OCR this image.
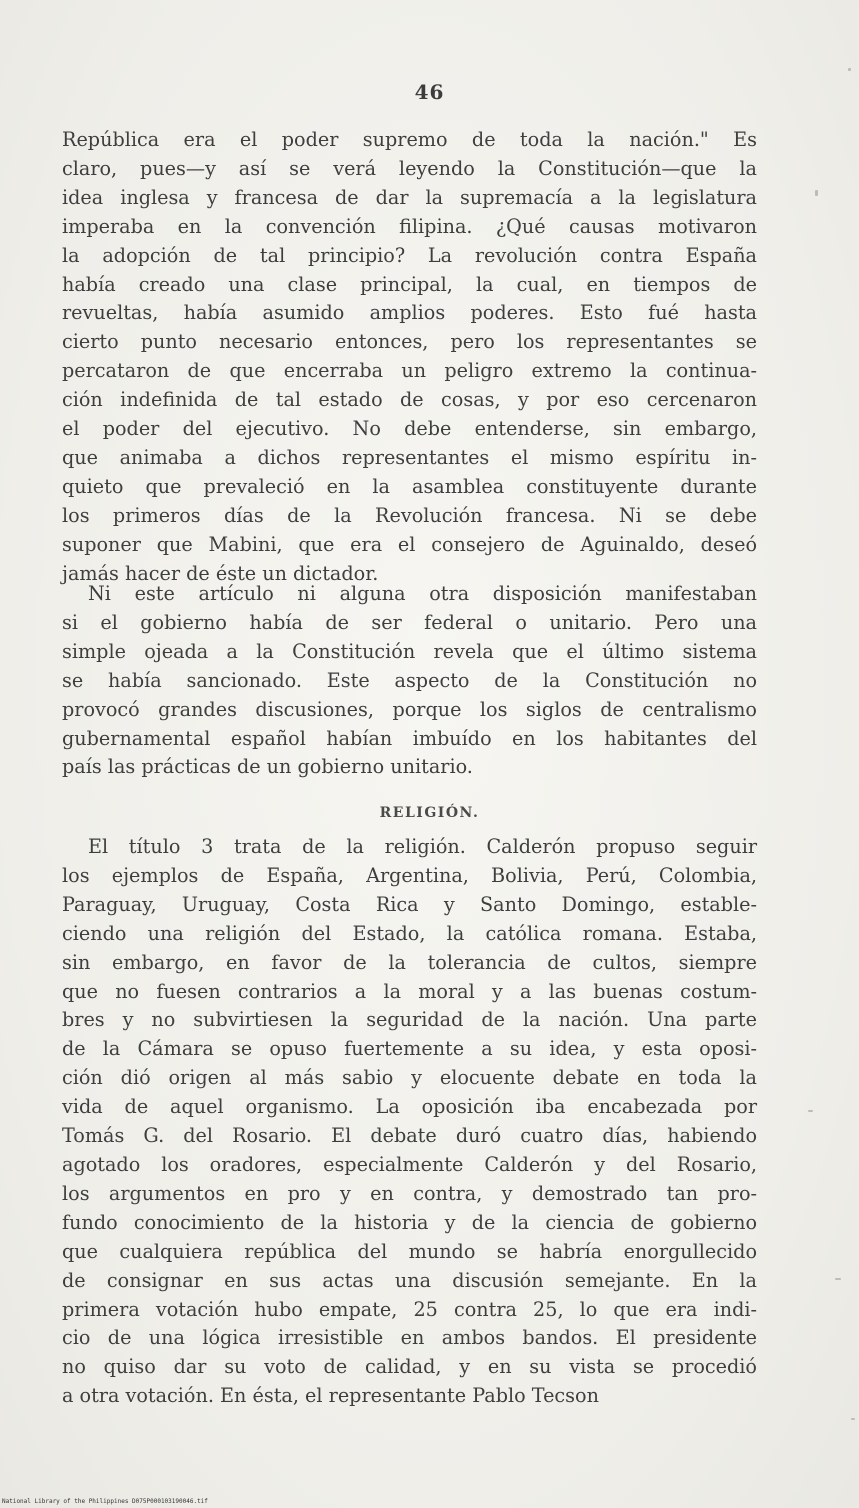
46

República era el poder supremo de toda la nación." Es
claro, pues—y así se verá leyendo la Constitución—que la
idea inglesa y francesa de dar la supremacía a la legislatura
imperaba en la convención filipina. ¿Qué causas motivaron
la adopción de tal principio? La revolución contra España
había creado una clase principal, la cual, en tiempos de
revueltas, había asumido amplios poderes. Esto fué hasta
cierto punto necesario entonces, pero los representantes se
percataron de que encerraba un peligro extremo la continua-
ción indefinida de tal estado de cosas, y por eso cercenaron
el poder del ejecutivo. No debe entenderse, sin embargo,
que animaba a dichos representantes el mismo espíritu in-
quieto que prevaleció en la asamblea constituyente durante
los primeros días de la Revolución francesa. Ni se debe
suponer que Mabini, que era el consejero de Aguinaldo, deseó
jamás hacer de éste un dictador.

Ni este artículo ni alguna otra disposición manifestaban
si el gobierno había de ser federal o unitario. Pero una
simple ojeada a la Constitución revela que el último sistema
se había sancionado. Este aspecto de la Constitución no
provocó grandes discusiones, porque los siglos de centralismo
gubernamental español habían imbuído en los habitantes del
país las prácticas de un gobierno unitario.

RELIGIÓN.

El título 3 trata de la religión. Calderón propuso seguir
los ejemplos de España, Argentina, Bolivia, Perú, Colombia,
Paraguay, Uruguay, Costa Rica y Santo Domingo, estable-
ciendo una religión del Estado, la católica romana. Estaba,
sin embargo, en favor de la tolerancia de cultos, siempre
que no fuesen contrarios a la moral y a las buenas costum-
bres y no subvirtiesen la seguridad de la nación. Una parte
de la Cámara se opuso fuertemente a su idea, y esta oposi-
ción dió origen al más sabio y elocuente debate en toda la
vida de aquel organismo. La oposición iba encabezada por
Tomás G. del Rosario. El debate duró cuatro días, habiendo
agotado los oradores, especialmente Calderón y del Rosario,
los argumentos en pro y en contra, y demostrado tan pro-
fundo conocimiento de la historia y de la ciencia de gobierno
que cualquiera república del mundo se habría enorgullecido
de consignar en sus actas una discusión semejante. En la
primera votación hubo empate, 25 contra 25, lo que era indi-
cio de una lógica irresistible en ambos bandos. El presidente
no quiso dar su voto de calidad, y en su vista se procedió
a otra votación. En ésta, el representante Pablo Tecson

National Library of the Philippines D075P000103190046.tif
